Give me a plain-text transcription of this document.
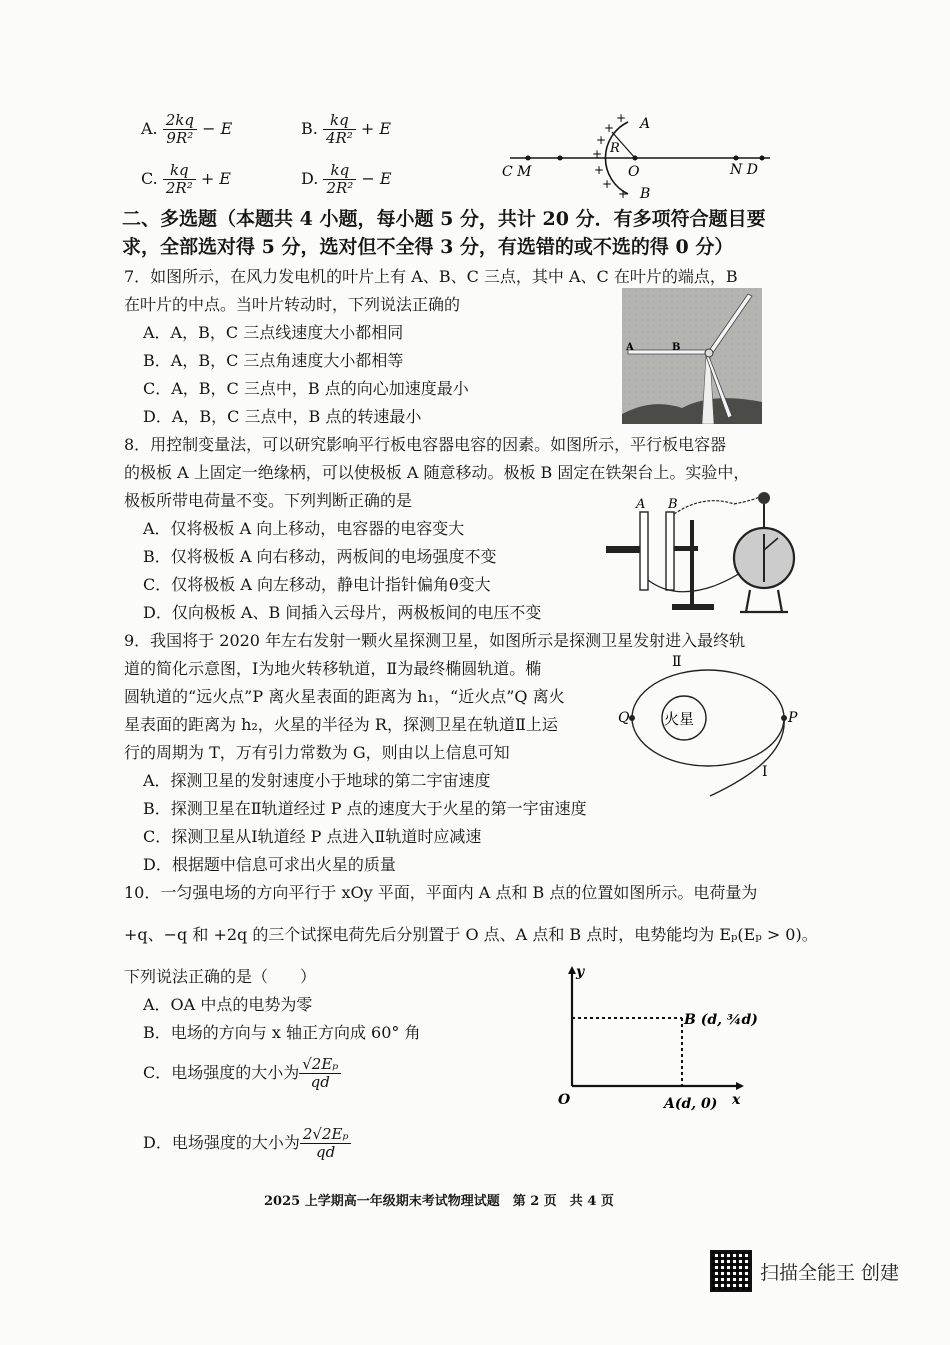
A. $\frac{2kq}{\text{9R²}} - E$	B. $\frac{kq}{\text{4R²}} + E$
C. $\frac{kq}{\text{2R²}} + E$	D. $\frac{kq}{\text{2R²}} - E$
+
+
+
+
+
+
+
A
B
R
C M	O	N D
二、多选题（本题共 4 小题，每小题 5 分，共计 20 分．有多项符合题目要
求，全部选对得 5 分，选对但不全得 3 分，有选错的或不选的得 0 分）
7．如图所示，在风力发电机的叶片上有 A、B、C 三点，其中 A、C 在叶片的端点，B
在叶片的中点。当叶片转动时，下列说法正确的
A．A，B，C 三点线速度大小都相同
B．A，B，C 三点角速度大小都相等
C．A，B，C 三点中，B 点的向心加速度最小
D．A，B，C 三点中，B 点的转速最小
A	B
8．用控制变量法，可以研究影响平行板电容器电容的因素。如图所示，平行板电容器
的极板 A 上固定一绝缘柄，可以使极板 A 随意移动。极板 B 固定在铁架台上。实验中，
极板所带电荷量不变。下列判断正确的是
A．仅将极板 A 向上移动，电容器的电容变大
B．仅将极板 A 向右移动，两板间的电场强度不变
C．仅将极板 A 向左移动，静电计指针偏角θ变大
D．仅向极板 A、B 间插入云母片，两极板间的电压不变
A B
9．我国将于 2020 年左右发射一颗火星探测卫星，如图所示是探测卫星发射进入最终轨
道的简化示意图，Ⅰ为地火转移轨道，Ⅱ为最终椭圆轨道。椭
圆轨道的“远火点”P 离火星表面的距离为 h₁，“近火点”Q 离火
星表面的距离为 h₂，火星的半径为 R，探测卫星在轨道Ⅱ上运
行的周期为 T，万有引力常数为 G，则由以上信息可知
A．探测卫星的发射速度小于地球的第二宇宙速度
B．探测卫星在Ⅱ轨道经过 P 点的速度大于火星的第一宇宙速度
C．探测卫星从Ⅰ轨道经 P 点进入Ⅱ轨道时应减速
D．根据题中信息可求出火星的质量
Ⅱ
火星
Q	P
Ⅰ
10．一匀强电场的方向平行于 xOy 平面，平面内 A 点和 B 点的位置如图所示。电荷量为
+q、−q 和 +2q 的三个试探电荷先后分别置于 O 点、A 点和 B 点时，电势能均为 Eₚ(Eₚ > 0)。
下列说法正确的是（　　）
A．OA 中点的电势为零
B．电场的方向与 x 轴正方向成 60° 角
C．电场强度的大小为 $\frac{\text{√2Eₚ}}{qd}$
D．电场强度的大小为 $\frac{\text{2√2Eₚ}}{qd}$
y
x
O	A(d, 0)
B (d, ¾d)
2025 上学期高一年级期末考试物理试题　第 2 页　共 4 页
扫描全能王 创建
